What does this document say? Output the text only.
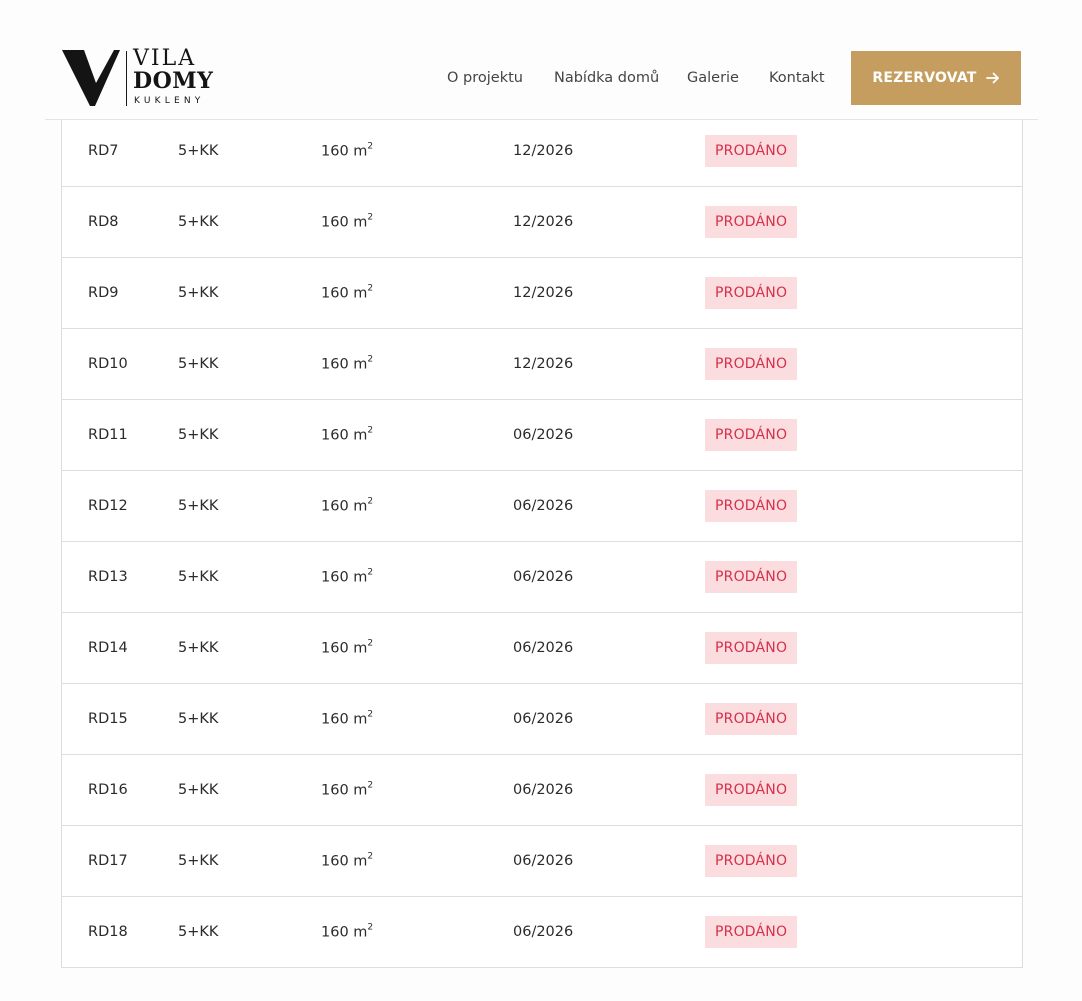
VILA
DOMY
KUKLENY
O projektu Nabídka domů Galerie Kontakt	REZERVOVAT
RD7	5+KK	160 $m^2$	12/2026	PRODÁNO
RD8	5+KK	160 $m^2$	12/2026	PRODÁNO
RD9	5+KK	160 $m^2$	12/2026	PRODÁNO
RD10	5+KK	160 $m^2$	12/2026	PRODÁNO
RD11	5+KK	160 $m^2$	06/2026	PRODÁNO
RD12	5+KK	160 $m^2$	06/2026	PRODÁNO
RD13	5+KK	160 $m^2$	06/2026	PRODÁNO
RD14	5+KK	160 $m^2$	06/2026	PRODÁNO
RD15	5+KK	160 $m^2$	06/2026	PRODÁNO
RD16	5+KK	160 $m^2$	06/2026	PRODÁNO
RD17	5+KK	160 $m^2$	06/2026	PRODÁNO
RD18	5+KK	160 $m^2$	06/2026	PRODÁNO
